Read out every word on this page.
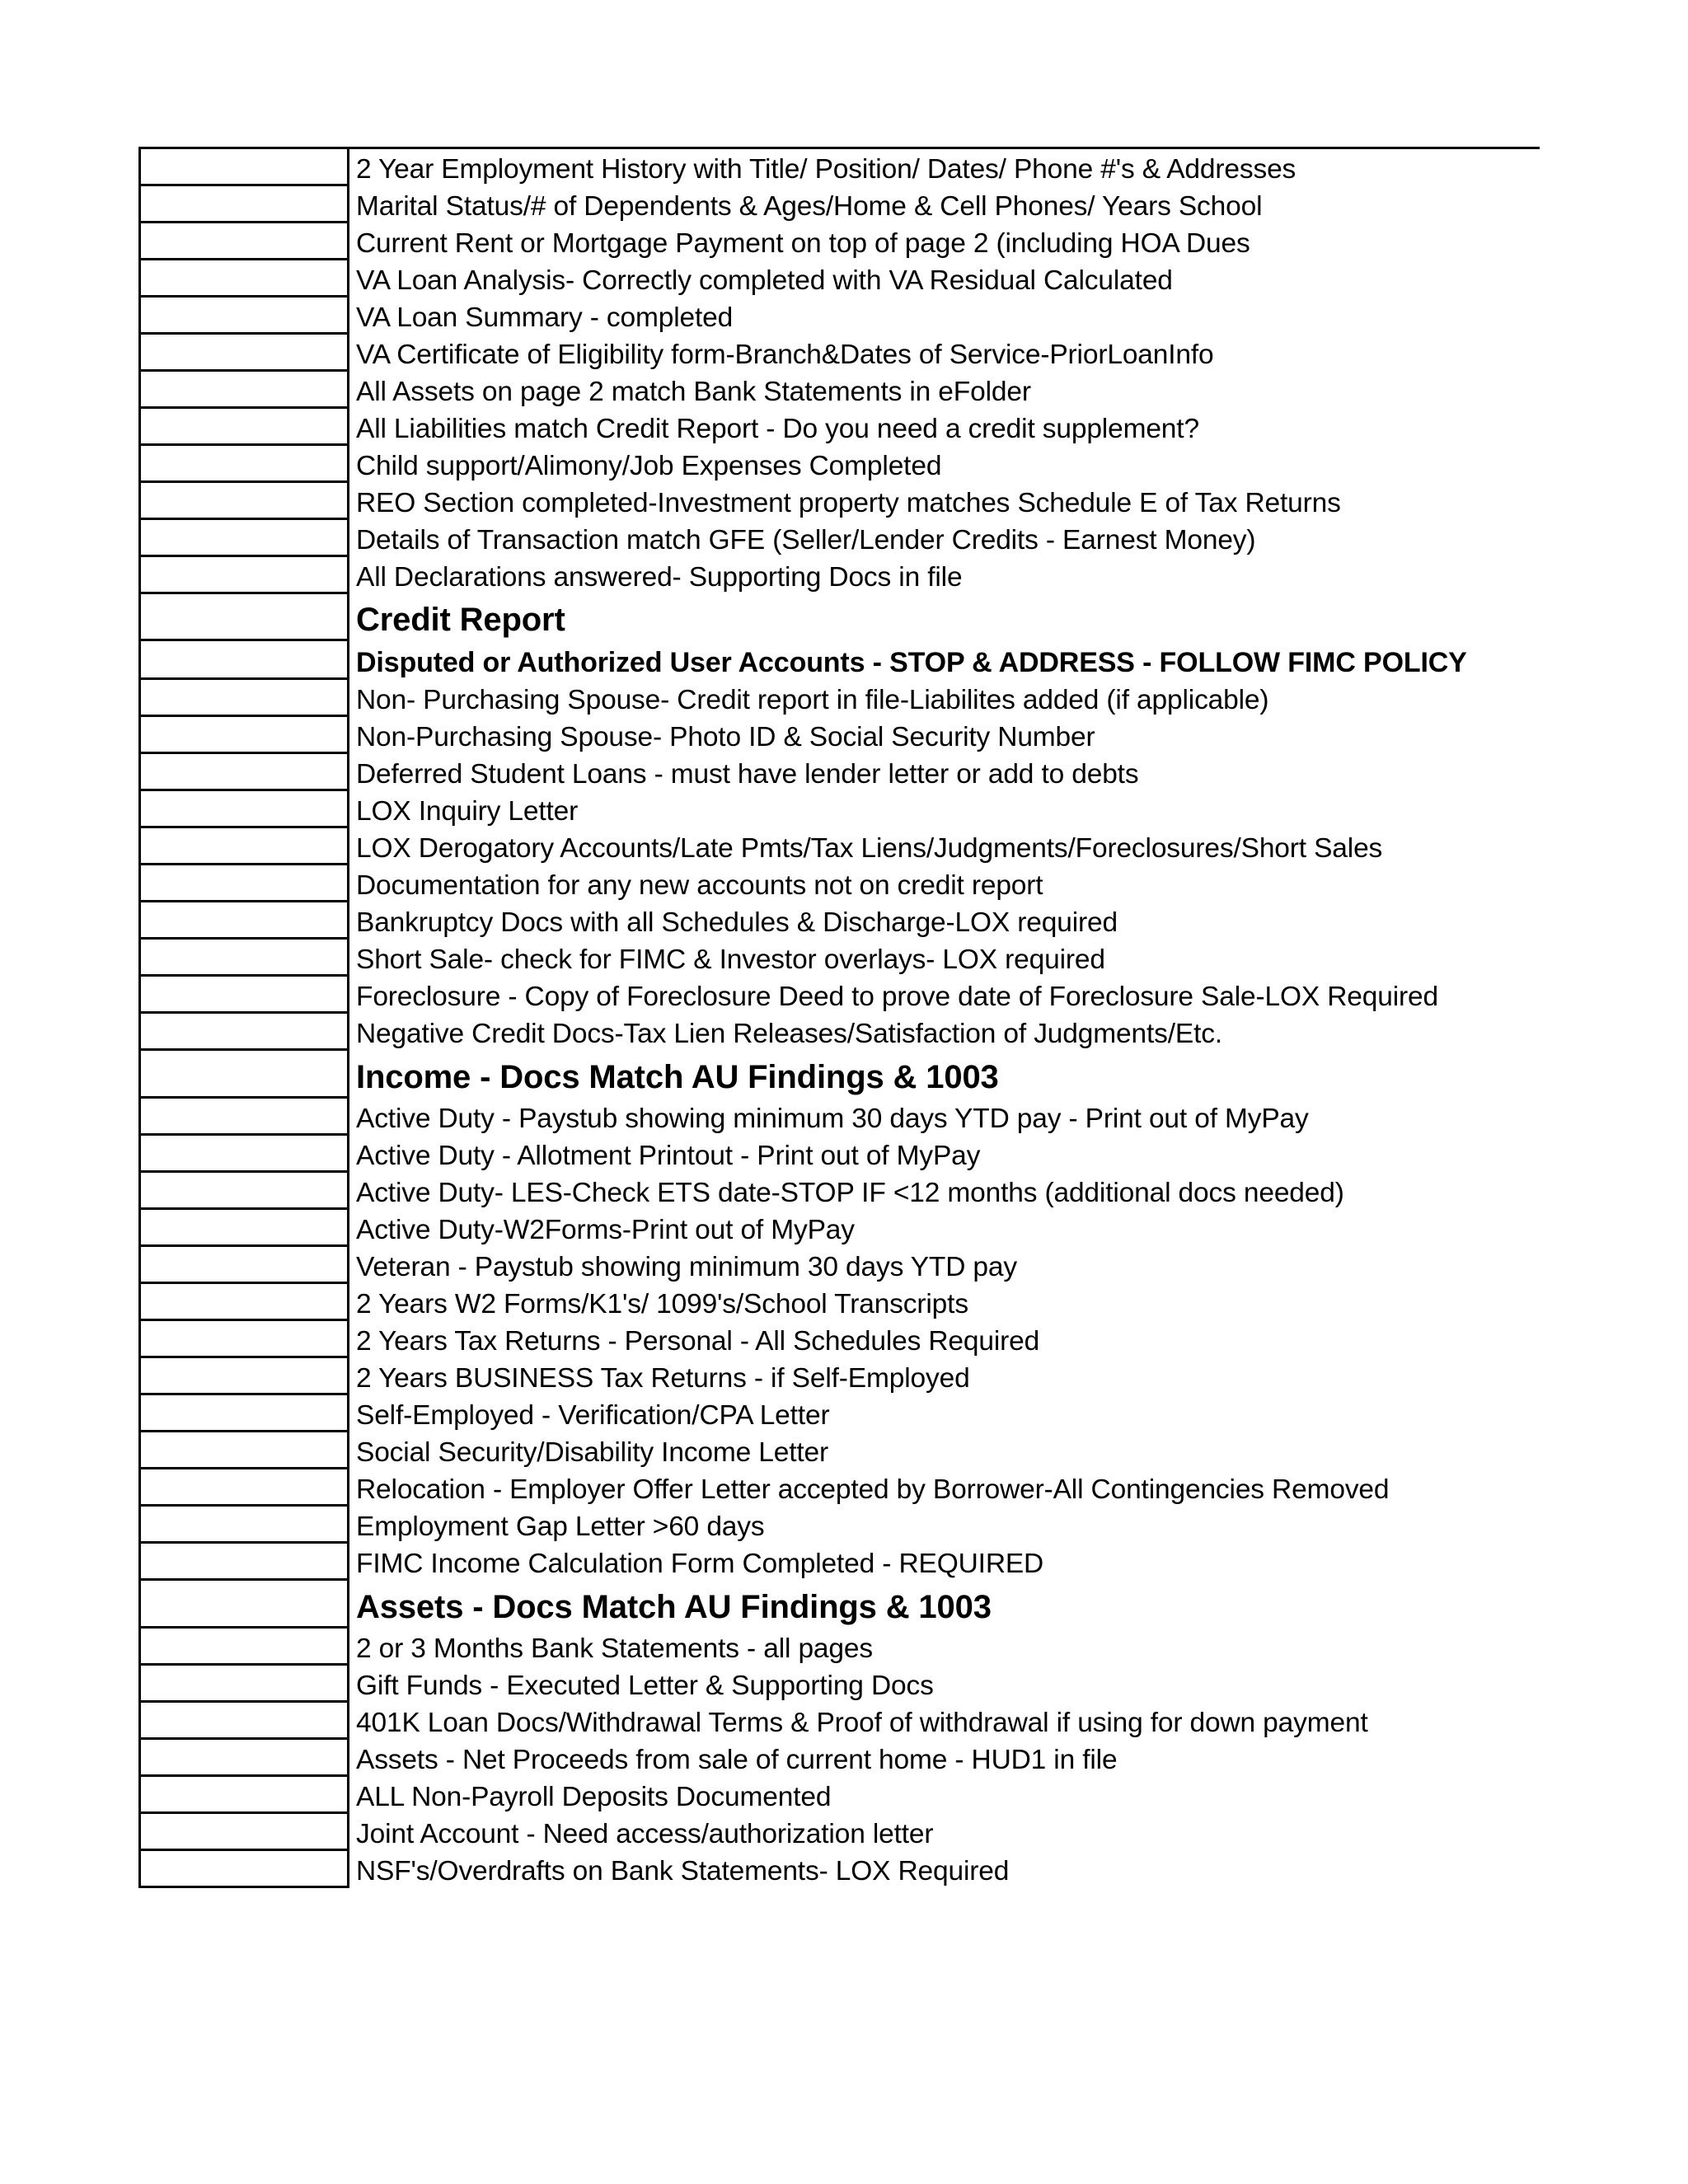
2 Year Employment History with Title/ Position/ Dates/ Phone #'s & Addresses
Marital Status/# of Dependents & Ages/Home & Cell Phones/ Years School
Current Rent or Mortgage Payment on top of page 2 (including HOA Dues
VA Loan Analysis- Correctly completed with VA Residual Calculated
VA Loan Summary - completed
VA Certificate of Eligibility form-Branch&Dates of Service-PriorLoanInfo
All Assets on page 2 match Bank Statements in eFolder
All Liabilities match Credit Report - Do you need a credit supplement?
Child support/Alimony/Job Expenses Completed
REO Section completed-Investment property matches Schedule E of Tax Returns
Details of Transaction match GFE (Seller/Lender Credits - Earnest Money)
All Declarations answered- Supporting Docs in file
Credit Report
Disputed or Authorized User Accounts - STOP & ADDRESS - FOLLOW FIMC POLICY
Non- Purchasing Spouse- Credit report in file-Liabilites added (if applicable)
Non-Purchasing Spouse- Photo ID & Social Security Number
Deferred Student Loans - must have lender letter or add to debts
LOX Inquiry Letter
LOX Derogatory Accounts/Late Pmts/Tax Liens/Judgments/Foreclosures/Short Sales
Documentation for any new accounts not on credit report
Bankruptcy Docs with all Schedules & Discharge-LOX required
Short Sale- check for FIMC & Investor overlays- LOX required
Foreclosure - Copy of Foreclosure Deed to prove date of Foreclosure Sale-LOX Required
Negative Credit Docs-Tax Lien Releases/Satisfaction of Judgments/Etc.
Income - Docs Match AU Findings & 1003
Active Duty - Paystub showing minimum 30 days YTD pay - Print out of MyPay
Active Duty - Allotment Printout - Print out of MyPay
Active Duty- LES-Check ETS date-STOP IF <12 months (additional docs needed)
Active Duty-W2Forms-Print out of MyPay
Veteran - Paystub showing minimum 30 days YTD pay
2 Years W2 Forms/K1's/ 1099's/School Transcripts
2 Years Tax Returns - Personal - All Schedules Required
2 Years BUSINESS Tax Returns - if Self-Employed
Self-Employed - Verification/CPA Letter
Social Security/Disability Income Letter
Relocation - Employer Offer Letter accepted by Borrower-All Contingencies Removed
Employment Gap Letter >60 days
FIMC Income Calculation Form Completed - REQUIRED
Assets - Docs Match AU Findings & 1003
2 or 3 Months Bank Statements - all pages
Gift Funds - Executed Letter & Supporting Docs
401K Loan Docs/Withdrawal Terms & Proof of withdrawal if using for down payment
Assets - Net Proceeds from sale of current home - HUD1 in file
ALL Non-Payroll Deposits Documented
Joint Account - Need access/authorization letter
NSF's/Overdrafts on Bank Statements- LOX Required
